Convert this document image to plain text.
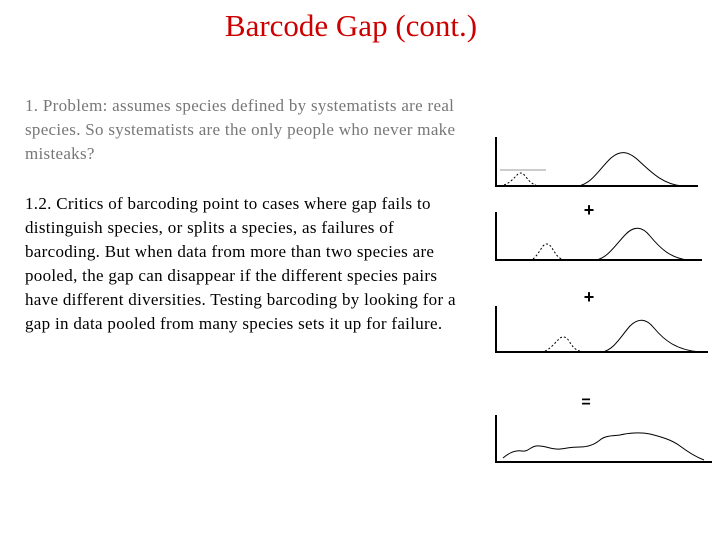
Barcode Gap (cont.)
1. Problem: assumes species defined by systematists are real species. So systematists are the only people who never make misteaks?
1.2. Critics of barcoding point to cases where gap fails to distinguish species, or splits a species, as failures of barcoding. But when data from more than two species are pooled, the gap can disappear if the different species pairs have different diversities. Testing barcoding by looking for a gap in data pooled from many species sets it up for failure.
+
+
=
